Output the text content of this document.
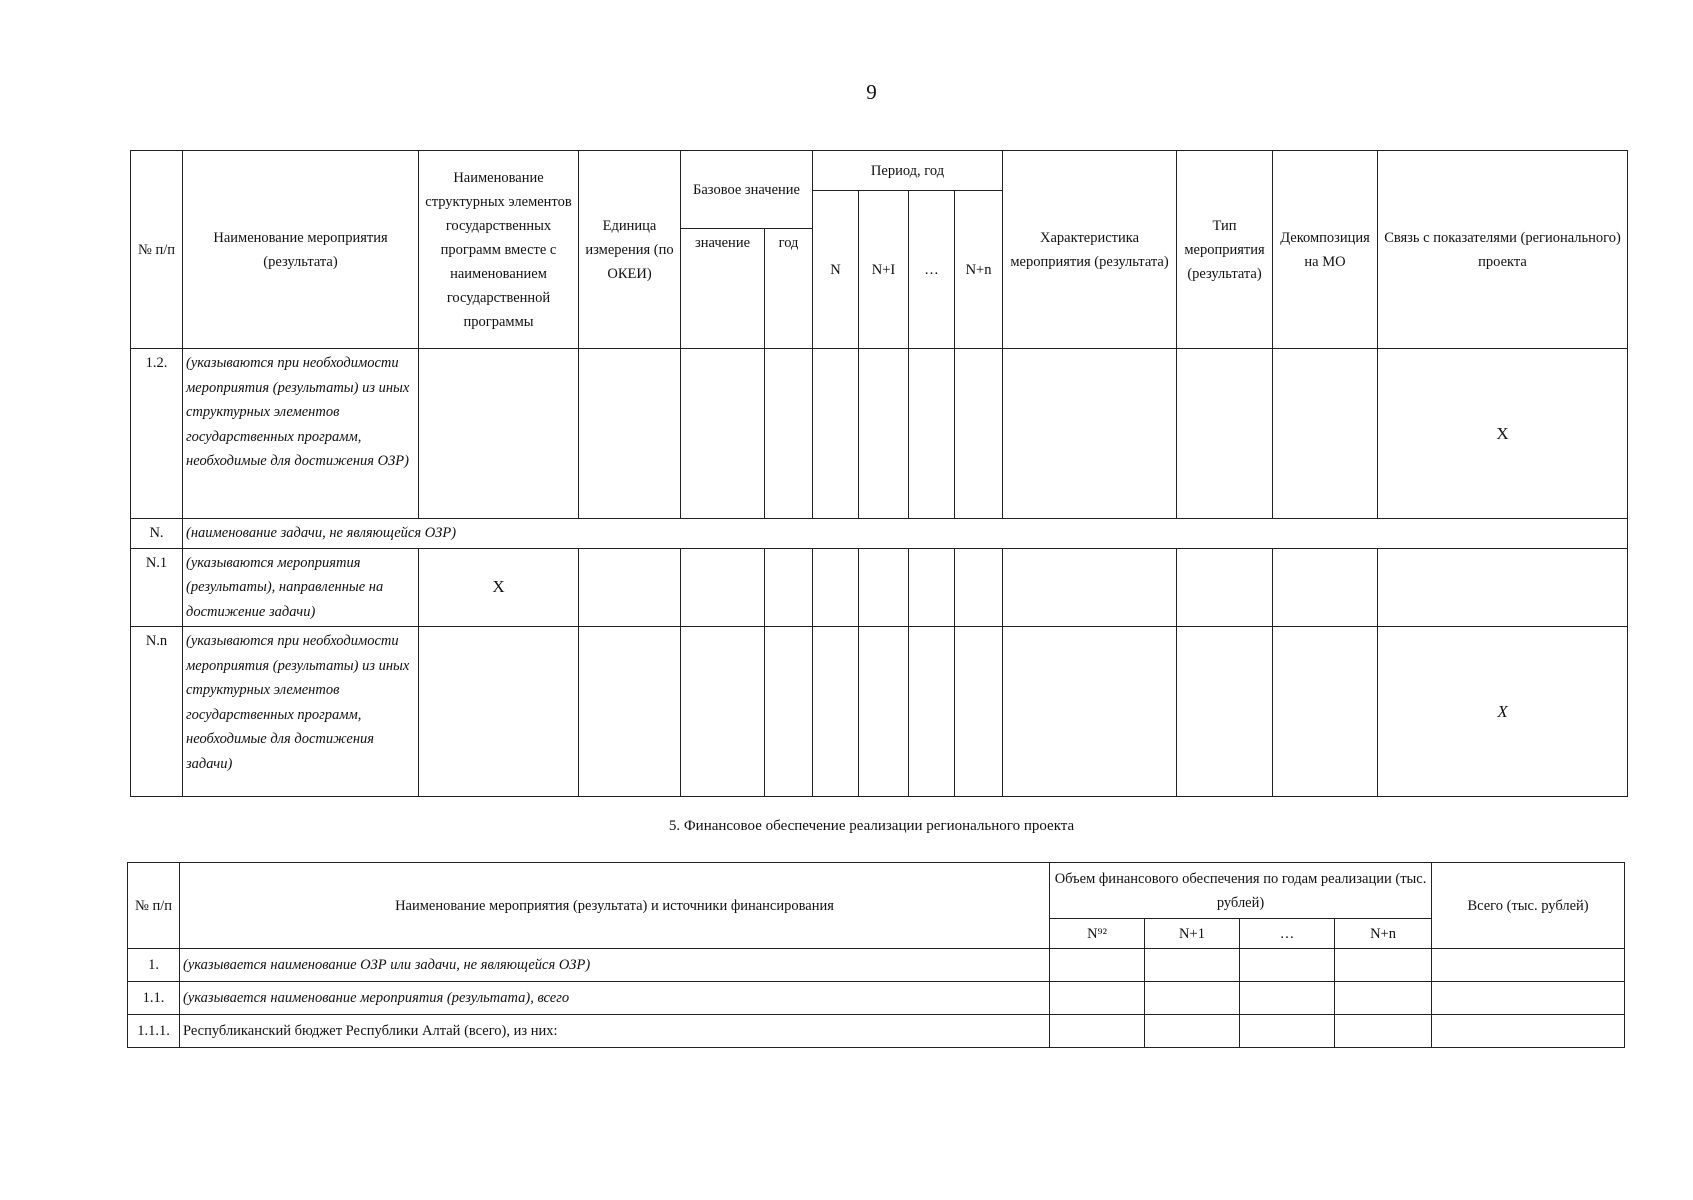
9
№ п/п	Наименование мероприятия (результата)	Наименование структурных элементов государственных программ вместе с наименованием государственной программы	Единица измерения (по ОКЕИ)	Базовое значение		Период, год				Характеристика мероприятия (результата)	Тип мероприятия (результата)	Декомпозиция на МО	Связь с показателями (регионального) проекта
						N	N+I	…	N+n				
				значение	год								
1.2.	(указываются при необходимости мероприятия (результаты) из иных структурных элементов государственных программ, необходимые для достижения ОЗР)												X
N.	(наименование задачи, не являющейся ОЗР)												
N.1	(указываются мероприятия (результаты), направленные на достижение задачи)	X											
N.n	(указываются при необходимости мероприятия (результаты) из иных структурных элементов государственных программ, необходимые для достижения задачи)												X
5. Финансовое обеспечение реализации регионального проекта
№ п/п	Наименование мероприятия (результата) и источники финансирования	Объем финансового обеспечения по годам реализации (тыс. рублей)				Всего (тыс. рублей)
		N⁹²	N+1	…	N+n	
1.	(указывается наименование ОЗР или задачи, не являющейся ОЗР)					
1.1.	(указывается наименование мероприятия (результата), всего					
1.1.1.	Республиканский бюджет Республики Алтай (всего), из них:					
